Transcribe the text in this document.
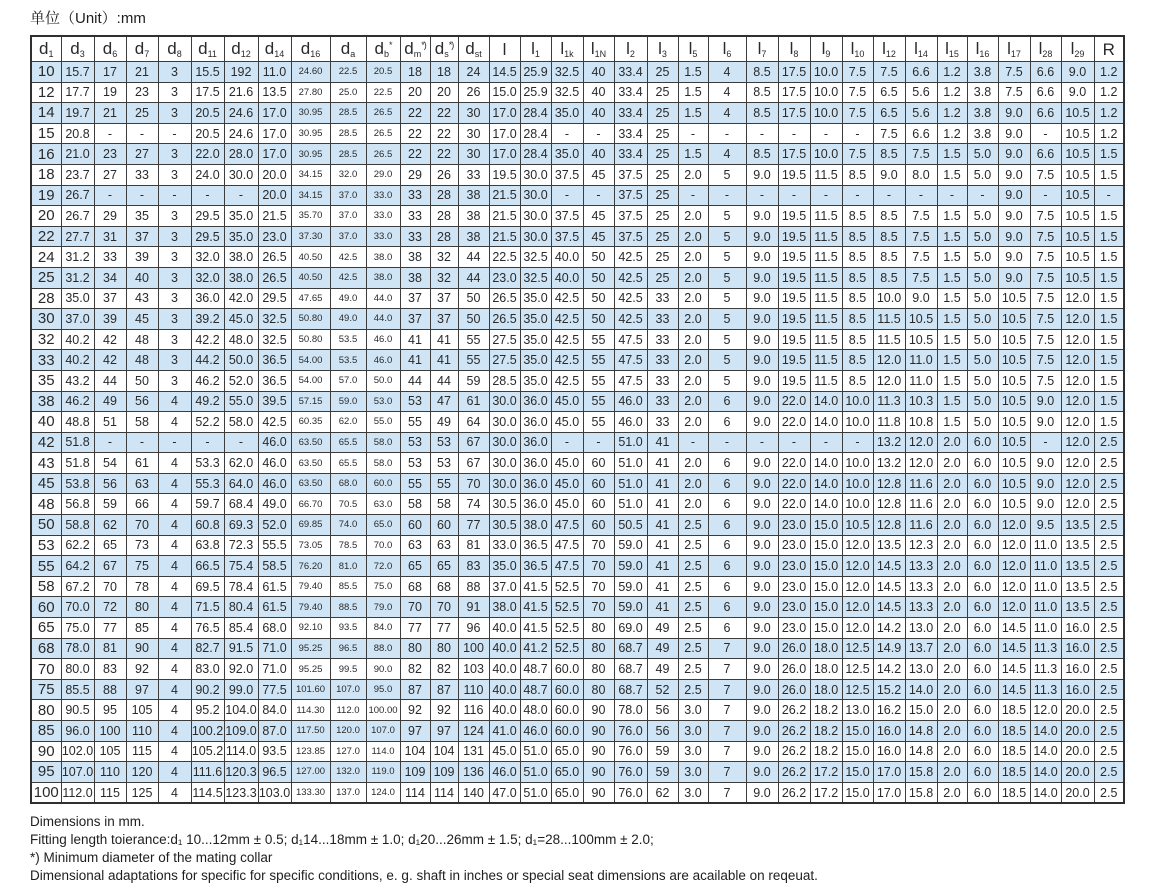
单位（Unit）:mm
$d_1$	$d_3$	$d_6$	$d_7$	$d_8$	$d_{11}$	$d_{12}$	$d_{14}$	$d_{16}$	$d_a$	$d_b^*$	$d_m^{*)}$	$d_s^{*)}$	$d_{st}$	l	$l_1$	$l_{1k}$	$l_{1N}$	$l_2$	$l_3$	$l_5$	$l_6$	$l_7$	$l_8$	$l_9$	$l_{10}$	$l_{12}$	$l_{14}$	$l_{15}$	$l_{16}$	$l_{17}$	$l_{28}$	$l_{29}$	R
10	15.7	17	21	3	15.5	192	11.0	24.60	22.5	20.5	18	18	24	14.5	25.9	32.5	40	33.4	25	1.5	4	8.5	17.5	10.0	7.5	7.5	6.6	1.2	3.8	7.5	6.6	9.0	1.2
12	17.7	19	23	3	17.5	21.6	13.5	27.80	25.0	22.5	20	20	26	15.0	25.9	32.5	40	33.4	25	1.5	4	8.5	17.5	10.0	7.5	6.5	5.6	1.2	3.8	7.5	6.6	9.0	1.2
14	19.7	21	25	3	20.5	24.6	17.0	30.95	28.5	26.5	22	22	30	17.0	28.4	35.0	40	33.4	25	1.5	4	8.5	17.5	10.0	7.5	6.5	5.6	1.2	3.8	9.0	6.6	10.5	1.2
15	20.8	-	-	-	20.5	24.6	17.0	30.95	28.5	26.5	22	22	30	17.0	28.4	-	-	33.4	25	-	-	-	-	-	-	7.5	6.6	1.2	3.8	9.0	-	10.5	1.2
16	21.0	23	27	3	22.0	28.0	17.0	30.95	28.5	26.5	22	22	30	17.0	28.4	35.0	40	33.4	25	1.5	4	8.5	17.5	10.0	7.5	8.5	7.5	1.5	5.0	9.0	6.6	10.5	1.5
18	23.7	27	33	3	24.0	30.0	20.0	34.15	32.0	29.0	29	26	33	19.5	30.0	37.5	45	37.5	25	2.0	5	9.0	19.5	11.5	8.5	9.0	8.0	1.5	5.0	9.0	7.5	10.5	1.5
19	26.7	-	-	-	-	-	20.0	34.15	37.0	33.0	33	28	38	21.5	30.0	-	-	37.5	25	-	-	-	-	-	-	-	-	-	-	9.0	-	10.5	-
20	26.7	29	35	3	29.5	35.0	21.5	35.70	37.0	33.0	33	28	38	21.5	30.0	37.5	45	37.5	25	2.0	5	9.0	19.5	11.5	8.5	8.5	7.5	1.5	5.0	9.0	7.5	10.5	1.5
22	27.7	31	37	3	29.5	35.0	23.0	37.30	37.0	33.0	33	28	38	21.5	30.0	37.5	45	37.5	25	2.0	5	9.0	19.5	11.5	8.5	8.5	7.5	1.5	5.0	9.0	7.5	10.5	1.5
24	31.2	33	39	3	32.0	38.0	26.5	40.50	42.5	38.0	38	32	44	22.5	32.5	40.0	50	42.5	25	2.0	5	9.0	19.5	11.5	8.5	8.5	7.5	1.5	5.0	9.0	7.5	10.5	1.5
25	31.2	34	40	3	32.0	38.0	26.5	40.50	42.5	38.0	38	32	44	23.0	32.5	40.0	50	42.5	25	2.0	5	9.0	19.5	11.5	8.5	8.5	7.5	1.5	5.0	9.0	7.5	10.5	1.5
28	35.0	37	43	3	36.0	42.0	29.5	47.65	49.0	44.0	37	37	50	26.5	35.0	42.5	50	42.5	33	2.0	5	9.0	19.5	11.5	8.5	10.0	9.0	1.5	5.0	10.5	7.5	12.0	1.5
30	37.0	39	45	3	39.2	45.0	32.5	50.80	49.0	44.0	37	37	50	26.5	35.0	42.5	50	42.5	33	2.0	5	9.0	19.5	11.5	8.5	11.5	10.5	1.5	5.0	10.5	7.5	12.0	1.5
32	40.2	42	48	3	42.2	48.0	32.5	50.80	53.5	46.0	41	41	55	27.5	35.0	42.5	55	47.5	33	2.0	5	9.0	19.5	11.5	8.5	11.5	10.5	1.5	5.0	10.5	7.5	12.0	1.5
33	40.2	42	48	3	44.2	50.0	36.5	54.00	53.5	46.0	41	41	55	27.5	35.0	42.5	55	47.5	33	2.0	5	9.0	19.5	11.5	8.5	12.0	11.0	1.5	5.0	10.5	7.5	12.0	1.5
35	43.2	44	50	3	46.2	52.0	36.5	54.00	57.0	50.0	44	44	59	28.5	35.0	42.5	55	47.5	33	2.0	5	9.0	19.5	11.5	8.5	12.0	11.0	1.5	5.0	10.5	7.5	12.0	1.5
38	46.2	49	56	4	49.2	55.0	39.5	57.15	59.0	53.0	53	47	61	30.0	36.0	45.0	55	46.0	33	2.0	6	9.0	22.0	14.0	10.0	11.3	10.3	1.5	5.0	10.5	9.0	12.0	1.5
40	48.8	51	58	4	52.2	58.0	42.5	60.35	62.0	55.0	55	49	64	30.0	36.0	45.0	55	46.0	33	2.0	6	9.0	22.0	14.0	10.0	11.8	10.8	1.5	5.0	10.5	9.0	12.0	1.5
42	51.8	-	-	-	-	-	46.0	63.50	65.5	58.0	53	53	67	30.0	36.0	-	-	51.0	41	-	-	-	-	-	-	13.2	12.0	2.0	6.0	10.5	-	12.0	2.5
43	51.8	54	61	4	53.3	62.0	46.0	63.50	65.5	58.0	53	53	67	30.0	36.0	45.0	60	51.0	41	2.0	6	9.0	22.0	14.0	10.0	13.2	12.0	2.0	6.0	10.5	9.0	12.0	2.5
45	53.8	56	63	4	55.3	64.0	46.0	63.50	68.0	60.0	55	55	70	30.0	36.0	45.0	60	51.0	41	2.0	6	9.0	22.0	14.0	10.0	12.8	11.6	2.0	6.0	10.5	9.0	12.0	2.5
48	56.8	59	66	4	59.7	68.4	49.0	66.70	70.5	63.0	58	58	74	30.5	36.0	45.0	60	51.0	41	2.0	6	9.0	22.0	14.0	10.0	12.8	11.6	2.0	6.0	10.5	9.0	12.0	2.5
50	58.8	62	70	4	60.8	69.3	52.0	69.85	74.0	65.0	60	60	77	30.5	38.0	47.5	60	50.5	41	2.5	6	9.0	23.0	15.0	10.5	12.8	11.6	2.0	6.0	12.0	9.5	13.5	2.5
53	62.2	65	73	4	63.8	72.3	55.5	73.05	78.5	70.0	63	63	81	33.0	36.5	47.5	70	59.0	41	2.5	6	9.0	23.0	15.0	12.0	13.5	12.3	2.0	6.0	12.0	11.0	13.5	2.5
55	64.2	67	75	4	66.5	75.4	58.5	76.20	81.0	72.0	65	65	83	35.0	36.5	47.5	70	59.0	41	2.5	6	9.0	23.0	15.0	12.0	14.5	13.3	2.0	6.0	12.0	11.0	13.5	2.5
58	67.2	70	78	4	69.5	78.4	61.5	79.40	85.5	75.0	68	68	88	37.0	41.5	52.5	70	59.0	41	2.5	6	9.0	23.0	15.0	12.0	14.5	13.3	2.0	6.0	12.0	11.0	13.5	2.5
60	70.0	72	80	4	71.5	80.4	61.5	79.40	88.5	79.0	70	70	91	38.0	41.5	52.5	70	59.0	41	2.5	6	9.0	23.0	15.0	12.0	14.5	13.3	2.0	6.0	12.0	11.0	13.5	2.5
65	75.0	77	85	4	76.5	85.4	68.0	92.10	93.5	84.0	77	77	96	40.0	41.5	52.5	80	69.0	49	2.5	6	9.0	23.0	15.0	12.0	14.2	13.0	2.0	6.0	14.5	11.0	16.0	2.5
68	78.0	81	90	4	82.7	91.5	71.0	95.25	96.5	88.0	80	80	100	40.0	41.2	52.5	80	68.7	49	2.5	7	9.0	26.0	18.0	12.5	14.9	13.7	2.0	6.0	14.5	11.3	16.0	2.5
70	80.0	83	92	4	83.0	92.0	71.0	95.25	99.5	90.0	82	82	103	40.0	48.7	60.0	80	68.7	49	2.5	7	9.0	26.0	18.0	12.5	14.2	13.0	2.0	6.0	14.5	11.3	16.0	2.5
75	85.5	88	97	4	90.2	99.0	77.5	101.60	107.0	95.0	87	87	110	40.0	48.7	60.0	80	68.7	52	2.5	7	9.0	26.0	18.0	12.5	15.2	14.0	2.0	6.0	14.5	11.3	16.0	2.5
80	90.5	95	105	4	95.2	104.0	84.0	114.30	112.0	100.00	92	92	116	40.0	48.0	60.0	90	78.0	56	3.0	7	9.0	26.2	18.2	13.0	16.2	15.0	2.0	6.0	18.5	12.0	20.0	2.5
85	96.0	100	110	4	100.2	109.0	87.0	117.50	120.0	107.0	97	97	124	41.0	46.0	60.0	90	76.0	56	3.0	7	9.0	26.2	18.2	15.0	16.0	14.8	2.0	6.0	18.5	14.0	20.0	2.5
90	102.0	105	115	4	105.2	114.0	93.5	123.85	127.0	114.0	104	104	131	45.0	51.0	65.0	90	76.0	59	3.0	7	9.0	26.2	18.2	15.0	16.0	14.8	2.0	6.0	18.5	14.0	20.0	2.5
95	107.0	110	120	4	111.6	120.3	96.5	127.00	132.0	119.0	109	109	136	46.0	51.0	65.0	90	76.0	59	3.0	7	9.0	26.2	17.2	15.0	17.0	15.8	2.0	6.0	18.5	14.0	20.0	2.5
100	112.0	115	125	4	114.5	123.3	103.0	133.30	137.0	124.0	114	114	140	47.0	51.0	65.0	90	76.0	62	3.0	7	9.0	26.2	17.2	15.0	17.0	15.8	2.0	6.0	18.5	14.0	20.0	2.5
Dimensions in mm.
Fitting length toierance:d₁ 10...12mm ± 0.5; d₁14...18mm ± 1.0; d₁20...26mm ± 1.5; d₁=28...100mm ± 2.0;
*) Minimum diameter of the mating collar
Dimensional adaptations for specific for specific conditions, e. g. shaft in inches or special seat dimensions are acailable on reqeuat.
